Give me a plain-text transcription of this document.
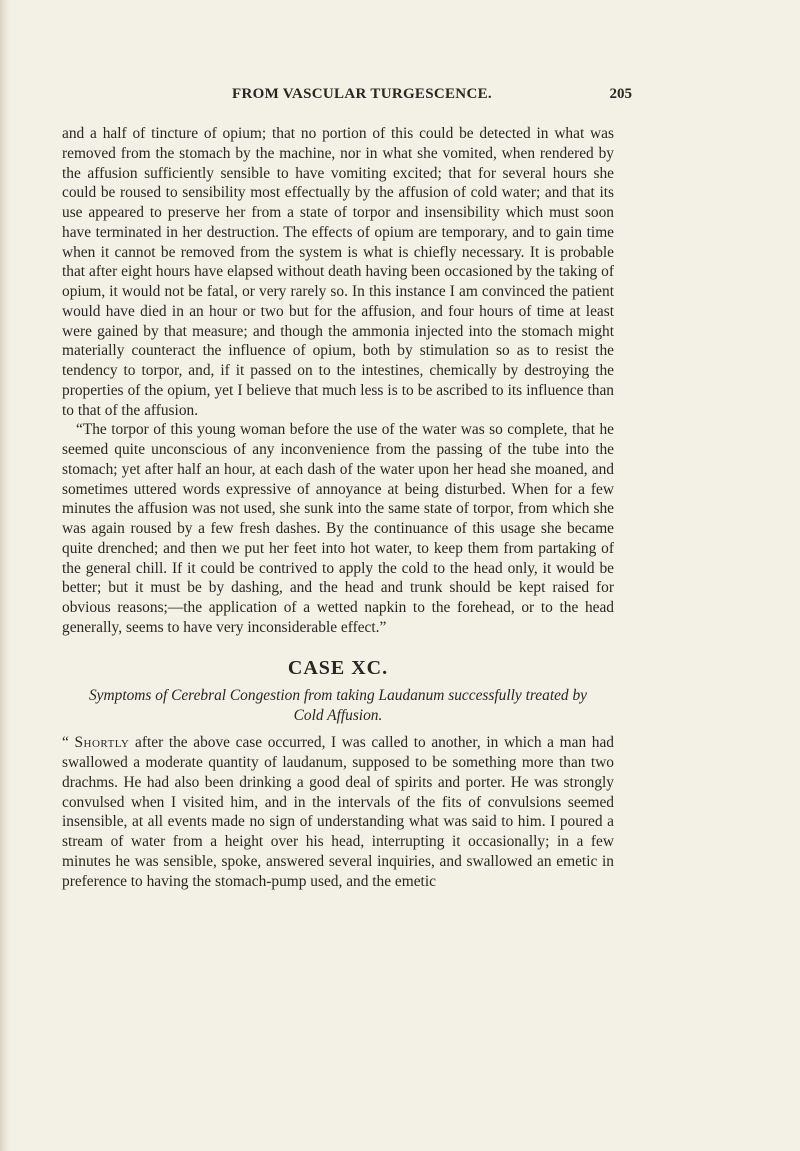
FROM VASCULAR TURGESCENCE.	205

and a half of tincture of opium; that no portion of this could be detected in what was removed from the stomach by the machine, nor in what she vomited, when rendered by the affusion sufficiently sensible to have vomiting excited; that for several hours she could be roused to sensibility most effectually by the affusion of cold water; and that its use appeared to preserve her from a state of torpor and insensibility which must soon have terminated in her destruction. The effects of opium are temporary, and to gain time when it cannot be removed from the system is what is chiefly necessary. It is probable that after eight hours have elapsed without death having been occasioned by the taking of opium, it would not be fatal, or very rarely so. In this instance I am convinced the patient would have died in an hour or two but for the affusion, and four hours of time at least were gained by that measure; and though the ammonia injected into the stomach might materially counteract the influence of opium, both by stimulation so as to resist the tendency to torpor, and, if it passed on to the intestines, chemically by destroying the properties of the opium, yet I believe that much less is to be ascribed to its influence than to that of the affusion.

“The torpor of this young woman before the use of the water was so complete, that he seemed quite unconscious of any inconvenience from the passing of the tube into the stomach; yet after half an hour, at each dash of the water upon her head she moaned, and sometimes uttered words expressive of annoyance at being disturbed. When for a few minutes the affusion was not used, she sunk into the same state of torpor, from which she was again roused by a few fresh dashes. By the continuance of this usage she became quite drenched; and then we put her feet into hot water, to keep them from partaking of the general chill. If it could be contrived to apply the cold to the head only, it would be better; but it must be by dashing, and the head and trunk should be kept raised for obvious reasons;—the application of a wetted napkin to the forehead, or to the head generally, seems to have very inconsiderable effect.”

CASE XC.

Symptoms of Cerebral Congestion from taking Laudanum successfully treated by Cold Affusion.

“ Shortly after the above case occurred, I was called to another, in which a man had swallowed a moderate quantity of laudanum, supposed to be something more than two drachms. He had also been drinking a good deal of spirits and porter. He was strongly convulsed when I visited him, and in the intervals of the fits of convulsions seemed insensible, at all events made no sign of understanding what was said to him. I poured a stream of water from a height over his head, interrupting it occasionally; in a few minutes he was sensible, spoke, answered several inquiries, and swallowed an emetic in preference to having the stomach-pump used, and the emetic
